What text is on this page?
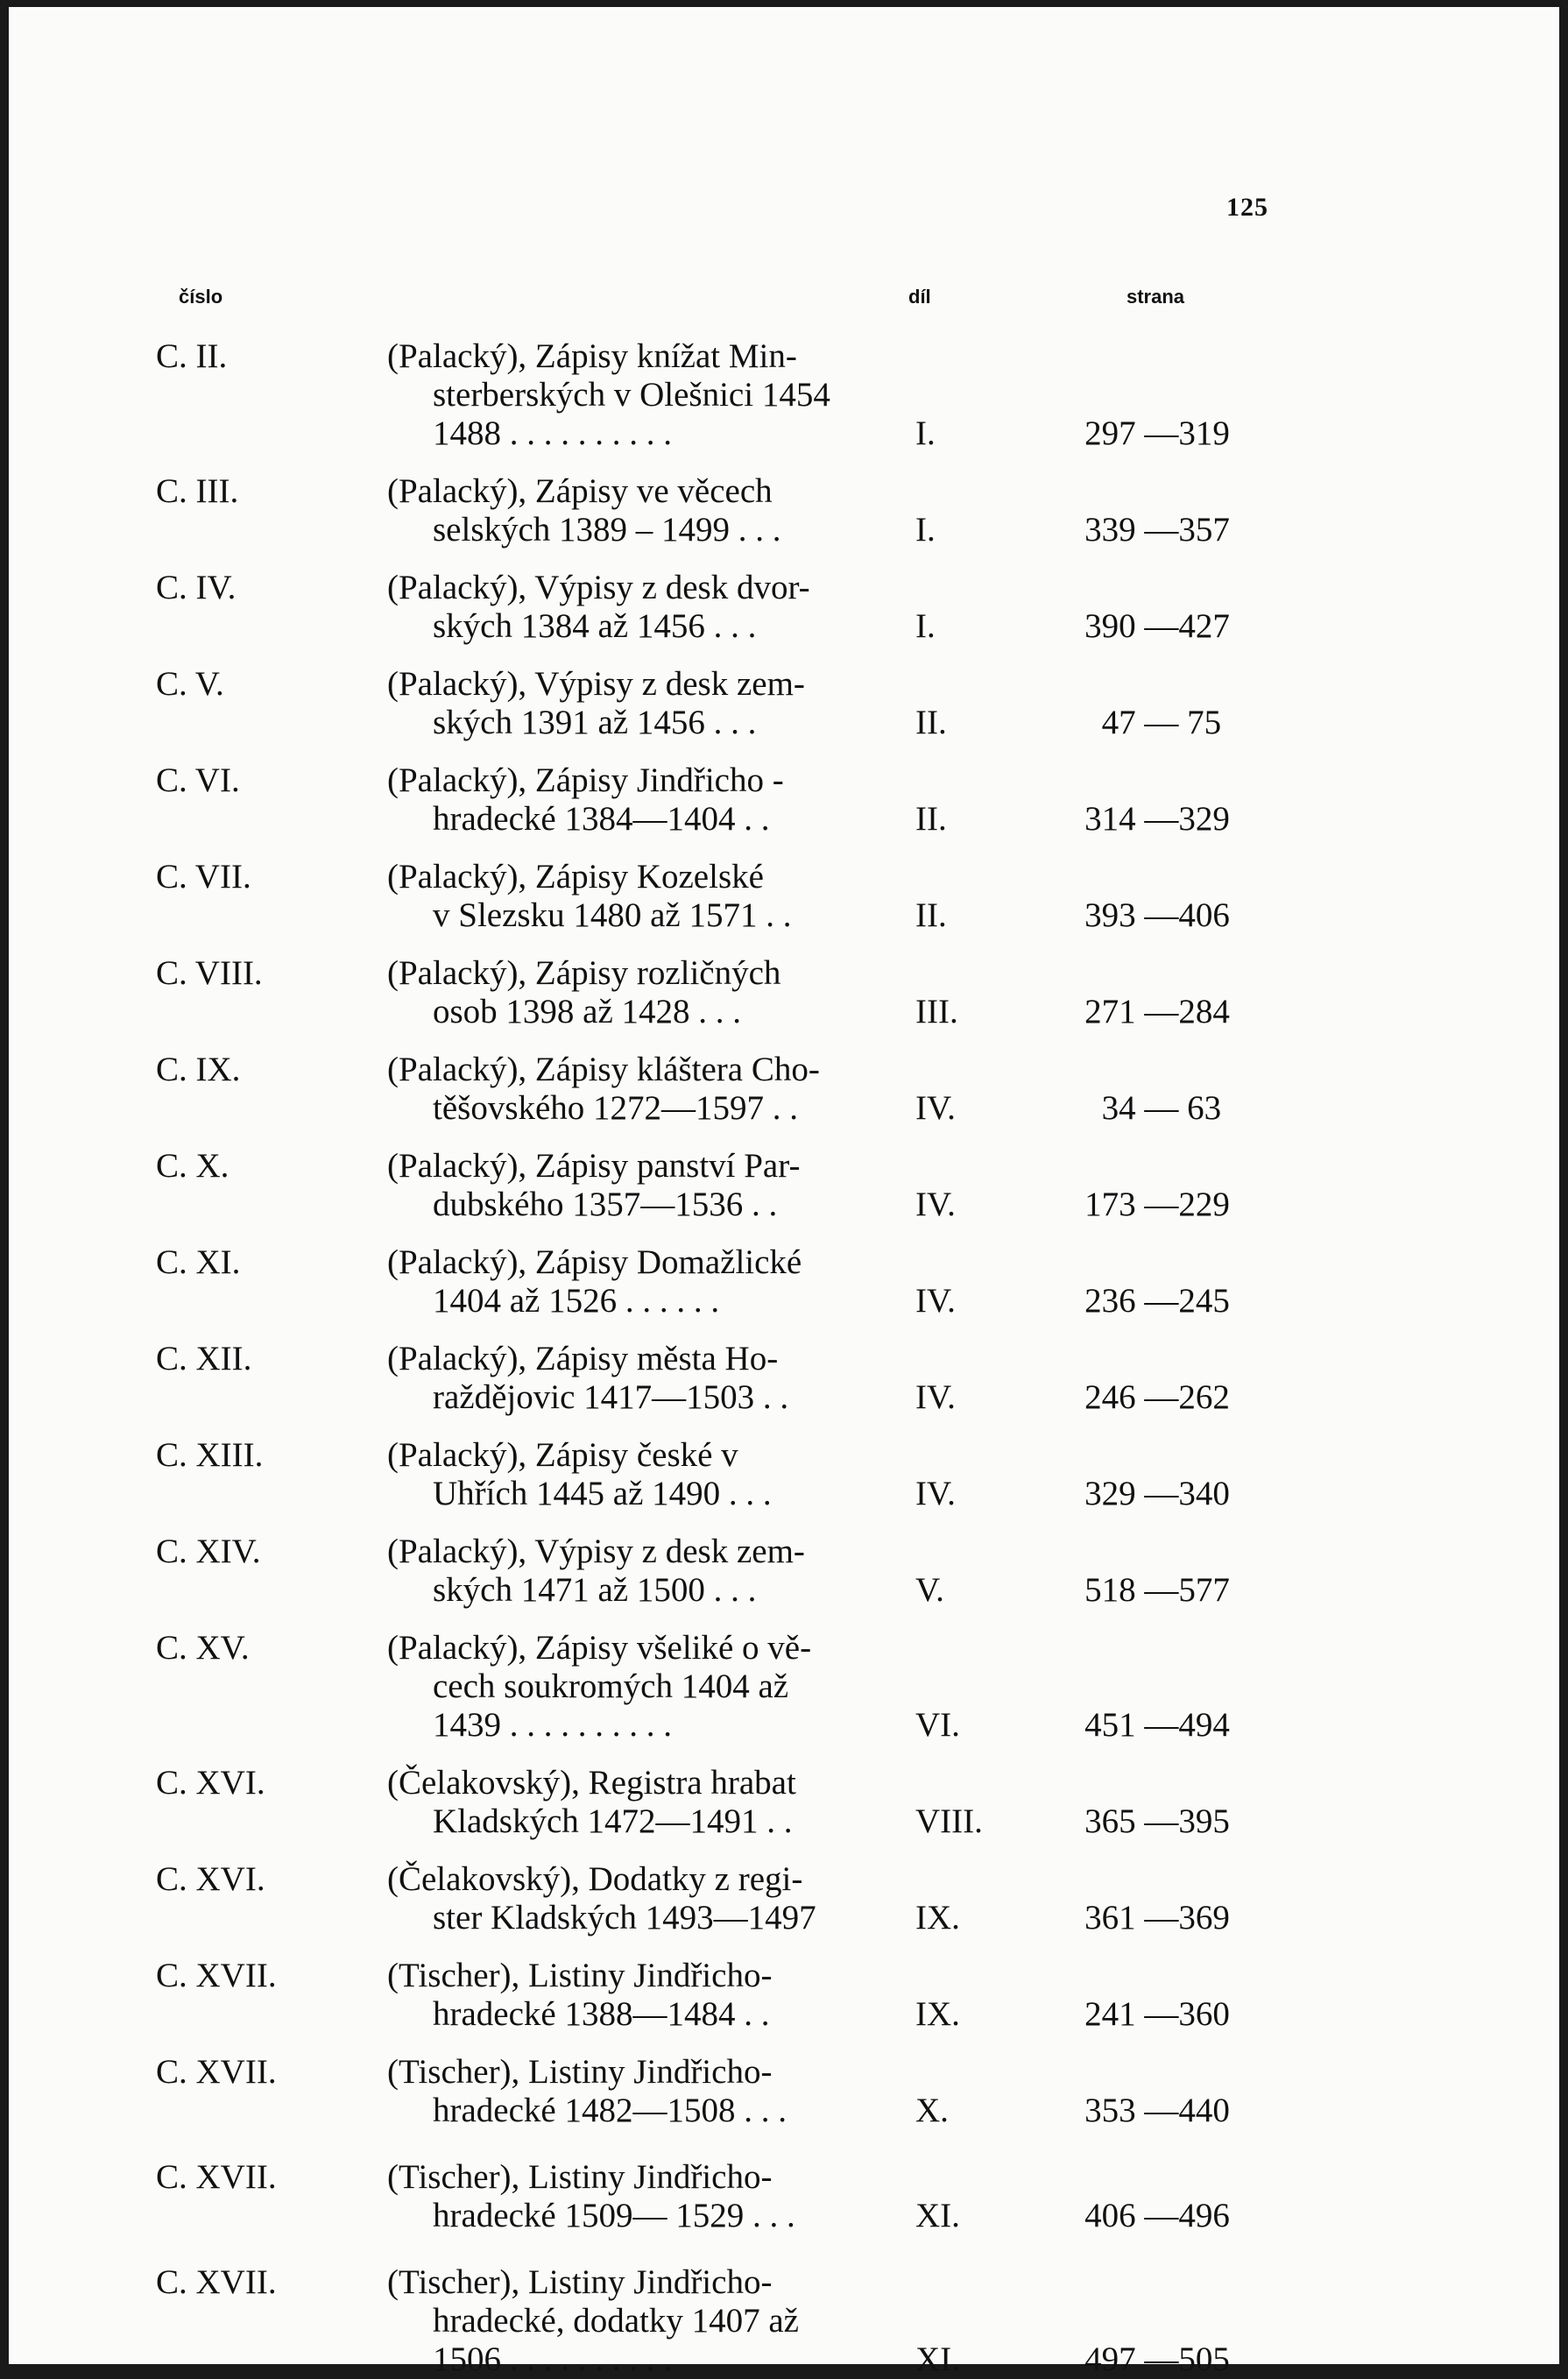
125
číslo	díl	strana
C. II.	(Palacký), Zápisy knížat Min-
sterberských v Olešnici 1454
1488 . . . . . . . . . .	I.	297 —319
C. III.	(Palacký), Zápisy ve věcech
selských 1389 – 1499 . . .	I.	339 —357
C. IV.	(Palacký), Výpisy z desk dvor-
ských 1384 až 1456 . . .	I.	390 —427
C. V.	(Palacký), Výpisy z desk zem-
ských 1391 až 1456 . . .	II.	47 — 75
C. VI.	(Palacký), Zápisy Jindřicho -
hradecké 1384—1404 . .	II.	314 —329
C. VII.	(Palacký), Zápisy Kozelské
v Slezsku 1480 až 1571 . .	II.	393 —406
C. VIII.	(Palacký), Zápisy rozličných
osob 1398 až 1428 . . .	III.	271 —284
C. IX.	(Palacký), Zápisy kláštera Cho-
těšovského 1272—1597 . .	IV.	34 — 63
C. X.	(Palacký), Zápisy panství Par-
dubského 1357—1536 . .	IV.	173 —229
C. XI.	(Palacký), Zápisy Domažlické
1404 až 1526 . . . . . .	IV.	236 —245
C. XII.	(Palacký), Zápisy města Ho-
raždějovic 1417—1503 . .	IV.	246 —262
C. XIII.	(Palacký), Zápisy české v
Uhřích 1445 až 1490 . . .	IV.	329 —340
C. XIV.	(Palacký), Výpisy z desk zem-
ských 1471 až 1500 . . .	V.	518 —577
C. XV.	(Palacký), Zápisy všeliké o vě-
cech soukromých 1404 až
1439 . . . . . . . . . .	VI.	451 —494
C. XVI.	(Čelakovský), Registra hrabat
Kladských 1472—1491 . .	VIII.	365 —395
C. XVI.	(Čelakovský), Dodatky z regi-
ster Kladských 1493—1497	IX.	361 —369
C. XVII.	(Tischer), Listiny Jindřicho-
hradecké 1388—1484 . .	IX.	241 —360
C. XVII.	(Tischer), Listiny Jindřicho-
hradecké 1482—1508 . . .	X.	353 —440
C. XVII.	(Tischer), Listiny Jindřicho-
hradecké 1509— 1529 . . .	XI.	406 —496
C. XVII.	(Tischer), Listiny Jindřicho-
hradecké, dodatky 1407 až
1506 . . . . . . . . . .	XI.	497 —505
